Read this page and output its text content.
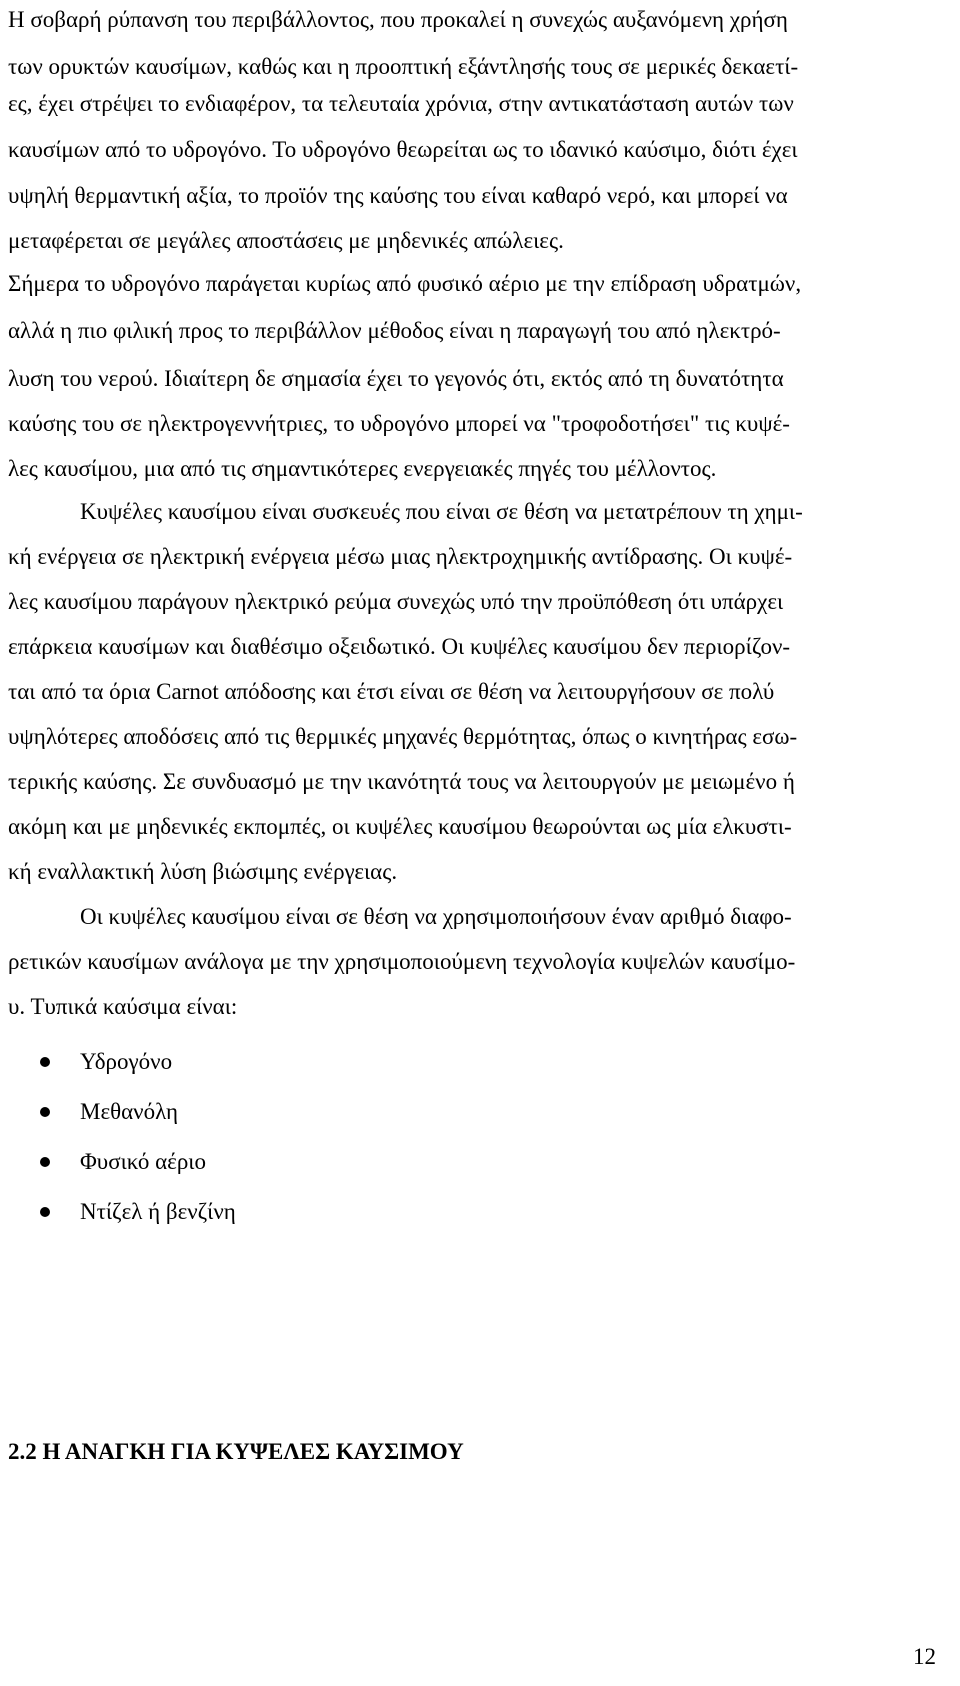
Η σοβαρή ρύπανση του περιβάλλοντος, που προκαλεί η συνεχώς αυξανόμενη χρήση
των ορυκτών καυσίμων, καθώς και η προοπτική εξάντλησής τους σε μερικές δεκαετί-
ες, έχει στρέψει το ενδιαφέρον, τα τελευταία χρόνια, στην αντικατάσταση αυτών των
καυσίμων από το υδρογόνο. Το υδρογόνο θεωρείται ως το ιδανικό καύσιμο, διότι έχει
υψηλή θερμαντική αξία, το προϊόν της καύσης του είναι καθαρό νερό, και μπορεί να
μεταφέρεται σε μεγάλες αποστάσεις με μηδενικές απώλειες.
Σήμερα το υδρογόνο παράγεται κυρίως από φυσικό αέριο με την επίδραση υδρατμών,
αλλά η πιο φιλική προς το περιβάλλον μέθοδος είναι η παραγωγή του από ηλεκτρό-
λυση του νερού. Ιδιαίτερη δε σημασία έχει το γεγονός ότι, εκτός από τη δυνατότητα
καύσης του σε ηλεκτρογεννήτριες, το υδρογόνο μπορεί να "τροφοδοτήσει" τις κυψέ-
λες καυσίμου, μια από τις σημαντικότερες ενεργειακές πηγές του μέλλοντος.
Κυψέλες καυσίμου είναι συσκευές που είναι σε θέση να μετατρέπουν τη χημι-
κή ενέργεια σε ηλεκτρική ενέργεια μέσω μιας ηλεκτροχημικής αντίδρασης. Οι κυψέ-
λες καυσίμου παράγουν ηλεκτρικό ρεύμα συνεχώς υπό την προϋπόθεση ότι υπάρχει
επάρκεια καυσίμων και διαθέσιμο οξειδωτικό. Οι κυψέλες καυσίμου δεν περιορίζον-
ται από τα όρια Carnot απόδοσης και έτσι είναι σε θέση να λειτουργήσουν σε πολύ
υψηλότερες αποδόσεις από τις θερμικές μηχανές θερμότητας, όπως ο κινητήρας εσω-
τερικής καύσης. Σε συνδυασμό με την ικανότητά τους να λειτουργούν με μειωμένο ή
ακόμη και με μηδενικές εκπομπές, οι κυψέλες καυσίμου θεωρούνται ως μία ελκυστι-
κή εναλλακτική λύση βιώσιμης ενέργειας.
Οι κυψέλες καυσίμου είναι σε θέση να χρησιμοποιήσουν έναν αριθμό διαφο-
ρετικών καυσίμων ανάλογα με την χρησιμοποιούμενη τεχνολογία κυψελών καυσίμο-
υ. Τυπικά καύσιμα είναι:
Υδρογόνο
Μεθανόλη
Φυσικό αέριο
Ντίζελ ή βενζίνη
2.2 Η ΑΝΑΓΚΗ ΓΙΑ ΚΥΨΕΛΕΣ ΚΑΥΣΙΜΟΥ
12
